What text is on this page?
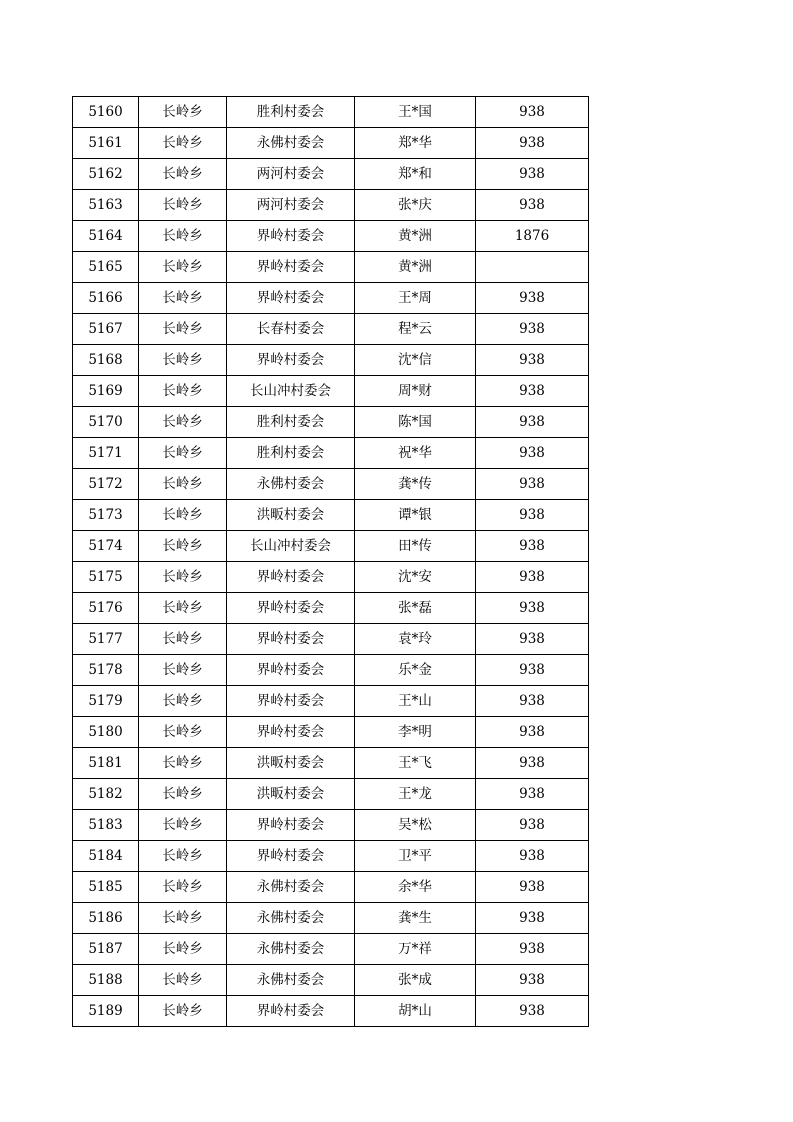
5160	长岭乡	胜利村委会	王*国	938
5161	长岭乡	永佛村委会	郑*华	938
5162	长岭乡	两河村委会	郑*和	938
5163	长岭乡	两河村委会	张*庆	938
5164	长岭乡	界岭村委会	黄*洲	1876
5165	长岭乡	界岭村委会	黄*洲	
5166	长岭乡	界岭村委会	王*周	938
5167	长岭乡	长春村委会	程*云	938
5168	长岭乡	界岭村委会	沈*信	938
5169	长岭乡	长山冲村委会	周*财	938
5170	长岭乡	胜利村委会	陈*国	938
5171	长岭乡	胜利村委会	祝*华	938
5172	长岭乡	永佛村委会	龚*传	938
5173	长岭乡	洪畈村委会	谭*银	938
5174	长岭乡	长山冲村委会	田*传	938
5175	长岭乡	界岭村委会	沈*安	938
5176	长岭乡	界岭村委会	张*磊	938
5177	长岭乡	界岭村委会	袁*玲	938
5178	长岭乡	界岭村委会	乐*金	938
5179	长岭乡	界岭村委会	王*山	938
5180	长岭乡	界岭村委会	李*明	938
5181	长岭乡	洪畈村委会	王*飞	938
5182	长岭乡	洪畈村委会	王*龙	938
5183	长岭乡	界岭村委会	吴*松	938
5184	长岭乡	界岭村委会	卫*平	938
5185	长岭乡	永佛村委会	余*华	938
5186	长岭乡	永佛村委会	龚*生	938
5187	长岭乡	永佛村委会	万*祥	938
5188	长岭乡	永佛村委会	张*成	938
5189	长岭乡	界岭村委会	胡*山	938
